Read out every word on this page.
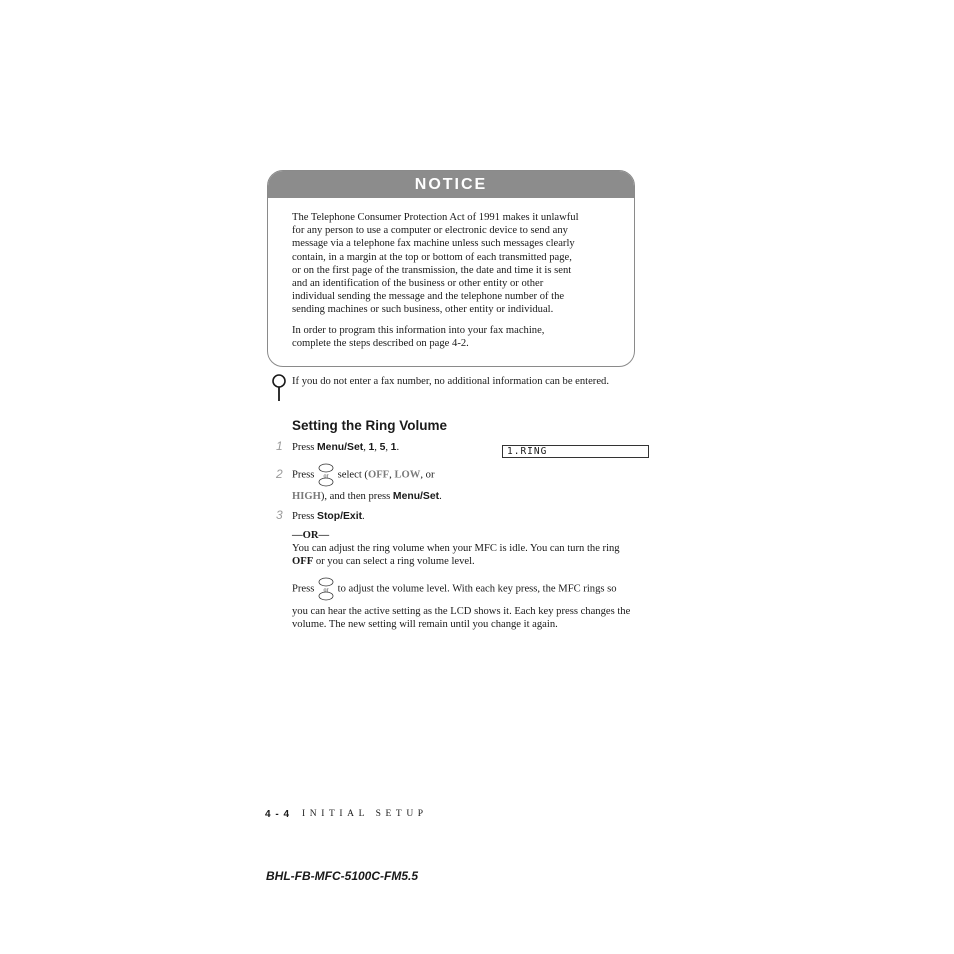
NOTICE

The Telephone Consumer Protection Act of 1991 makes it unlawful
for any person to use a computer or electronic device to send any
message via a telephone fax machine unless such messages clearly
contain, in a margin at the top or bottom of each transmitted page,
or on the first page of the transmission, the date and time it is sent
and an identification of the business or other entity or other
individual sending the message and the telephone number of the
sending machines or such business, other entity or individual.

In order to program this information into your fax machine,
complete the steps described on page 4-2.

If you do not enter a fax number, no additional information can be entered.
Setting the Ring Volume
1 Press Menu/Set, 1, 5, 1.	1.RING
2 Press or select (OFF, LOW, or
HIGH), and then press Menu/Set.
3 Press Stop/Exit.
—OR—
You can adjust the ring volume when your MFC is idle. You can turn the ring
OFF or you can select a ring volume level.
Press or to adjust the volume level. With each key press, the MFC rings so
you can hear the active setting as the LCD shows it. Each key press changes the
volume. The new setting will remain until you change it again.
4 - 4 INITIAL SETUP
BHL-FB-MFC-5100C-FM5.5
